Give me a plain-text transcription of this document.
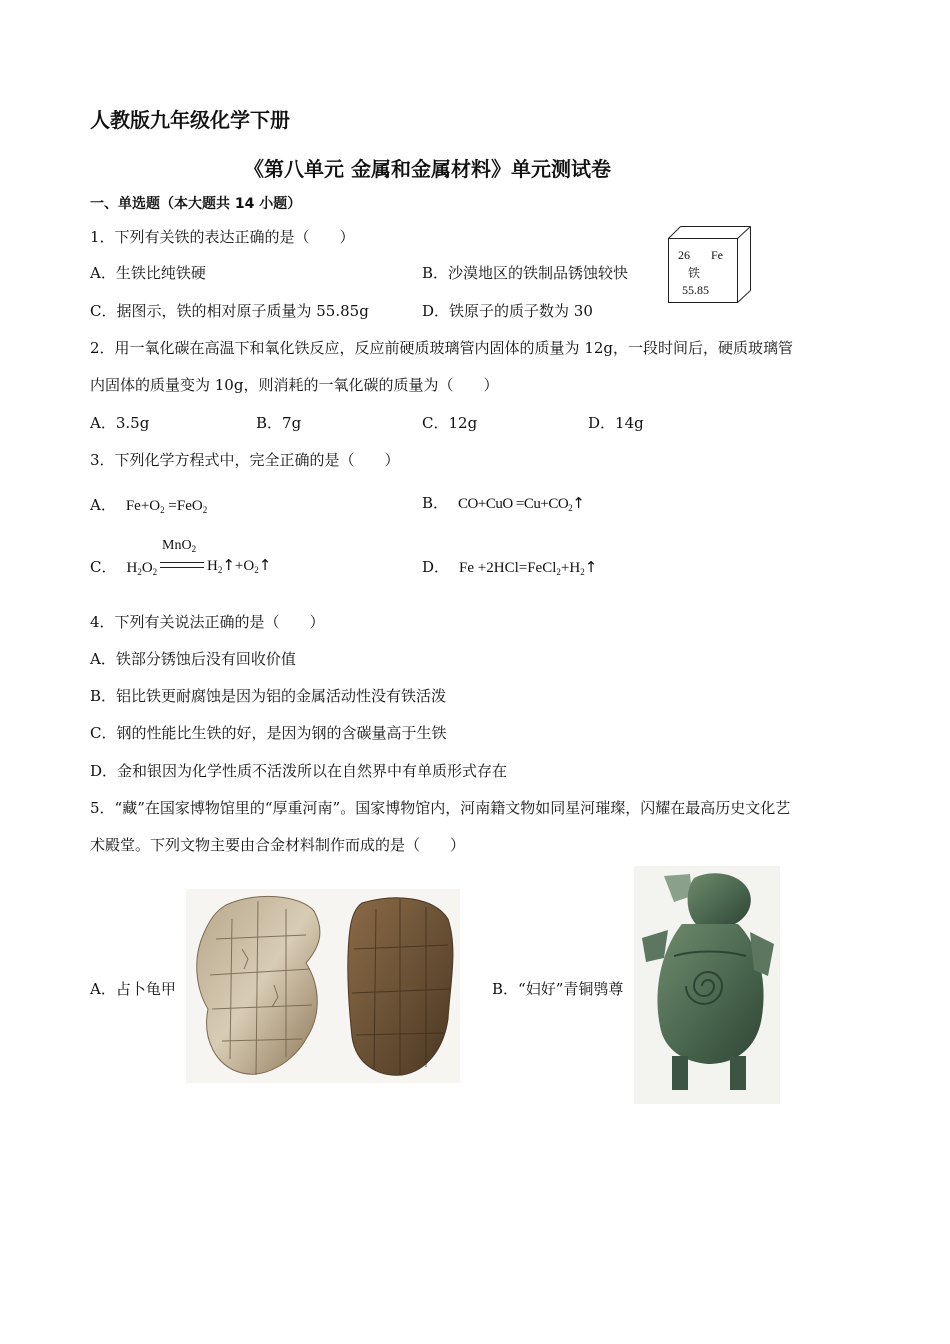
人教版九年级化学下册
《第八单元 金属和金属材料》单元测试卷
一、单选题（本大题共 14 小题）
1．下列有关铁的表达正确的是（　　）
A．生铁比纯铁硬	B．沙漠地区的铁制品锈蚀较快
C．据图示，铁的相对原子质量为 55.85g	D．铁原子的质子数为 30
26 Fe
铁
55.85
2．用一氧化碳在高温下和氧化铁反应，反应前硬质玻璃管内固体的质量为 12g，一段时间后，硬质玻璃管
内固体的质量变为 10g，则消耗的一氧化碳的质量为（　　）
A．3.5g	B．7g	C．12g	D．14g
3．下列化学方程式中，完全正确的是（　　）
A． $Fe+O_2 =FeO_2$	B． $CO+CuO =Cu+CO_2↑$
C． $H_2O_2$
MnO$_2$
$H_2↑+O_2↑$	D． $Fe +2HCl=FeCl_2+H_2↑$
4．下列有关说法正确的是（　　）
A．铁部分锈蚀后没有回收价值
B．铝比铁更耐腐蚀是因为铝的金属活动性没有铁活泼
C．钢的性能比生铁的好，是因为钢的含碳量高于生铁
D．金和银因为化学性质不活泼所以在自然界中有单质形式存在
5．“藏”在国家博物馆里的“厚重河南”。国家博物馆内，河南籍文物如同星河璀璨，闪耀在最高历史文化艺
术殿堂。下列文物主要由合金材料制作而成的是（　　）
A．占卜龟甲	B．“妇好”青铜鸮尊
